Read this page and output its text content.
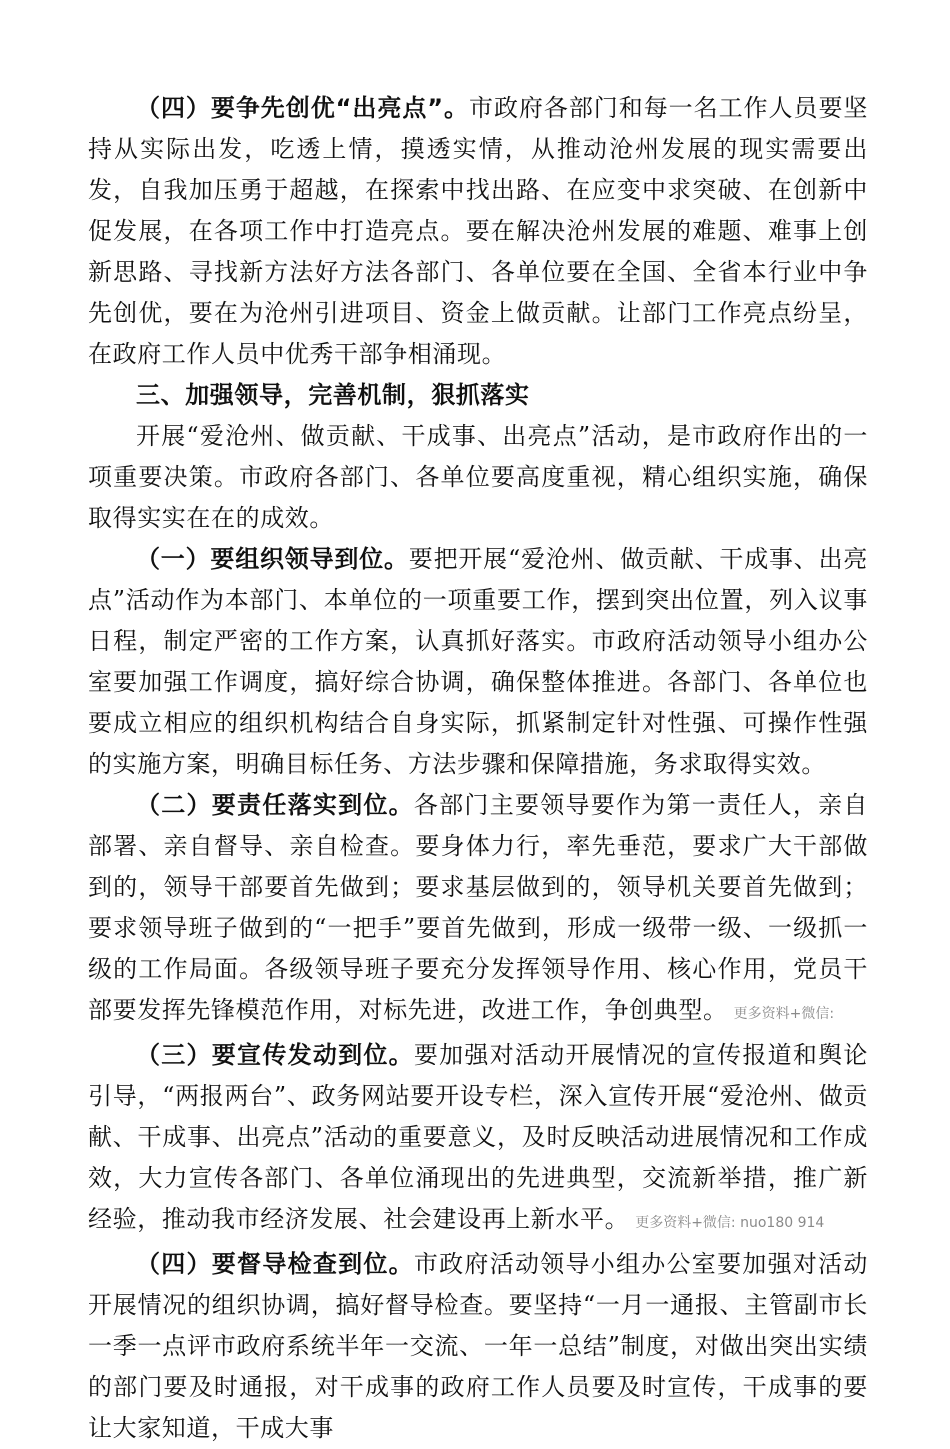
（四）要争先创优“出亮点”。市政府各部门和每一名工作人员要坚持从实际出发，吃透上情，摸透实情，从推动沧州发展的现实需要出发，自我加压勇于超越，在探索中找出路、在应变中求突破、在创新中促发展，在各项工作中打造亮点。要在解决沧州发展的难题、难事上创新思路、寻找新方法好方法各部门、各单位要在全国、全省本行业中争先创优，要在为沧州引进项目、资金上做贡献。让部门工作亮点纷呈，在政府工作人员中优秀干部争相涌现。

三、加强领导，完善机制，狠抓落实

开展“爱沧州、做贡献、干成事、出亮点”活动，是市政府作出的一项重要决策。市政府各部门、各单位要高度重视，精心组织实施，确保取得实实在在的成效。

（一）要组织领导到位。要把开展“爱沧州、做贡献、干成事、出亮点”活动作为本部门、本单位的一项重要工作，摆到突出位置，列入议事日程，制定严密的工作方案，认真抓好落实。市政府活动领导小组办公室要加强工作调度，搞好综合协调，确保整体推进。各部门、各单位也要成立相应的组织机构结合自身实际，抓紧制定针对性强、可操作性强的实施方案，明确目标任务、方法步骤和保障措施，务求取得实效。

（二）要责任落实到位。各部门主要领导要作为第一责任人，亲自部署、亲自督导、亲自检查。要身体力行，率先垂范，要求广大干部做到的，领导干部要首先做到；要求基层做到的，领导机关要首先做到；要求领导班子做到的“一把手”要首先做到，形成一级带一级、一级抓一级的工作局面。各级领导班子要充分发挥领导作用、核心作用，党员干部要发挥先锋模范作用，对标先进，改进工作，争创典型。 更多资料+微信:

（三）要宣传发动到位。要加强对活动开展情况的宣传报道和舆论引导，“两报两台”、政务网站要开设专栏，深入宣传开展“爱沧州、做贡献、干成事、出亮点”活动的重要意义，及时反映活动进展情况和工作成效，大力宣传各部门、各单位涌现出的先进典型，交流新举措，推广新经验，推动我市经济发展、社会建设再上新水平。 更多资料+微信: nuo180 914

（四）要督导检查到位。市政府活动领导小组办公室要加强对活动开展情况的组织协调，搞好督导检查。要坚持“一月一通报、主管副市长一季一点评市政府系统半年一交流、一年一总结”制度，对做出突出实绩的部门要及时通报，对干成事的政府工作人员要及时宣传，干成事的要让大家知道，干成大事
